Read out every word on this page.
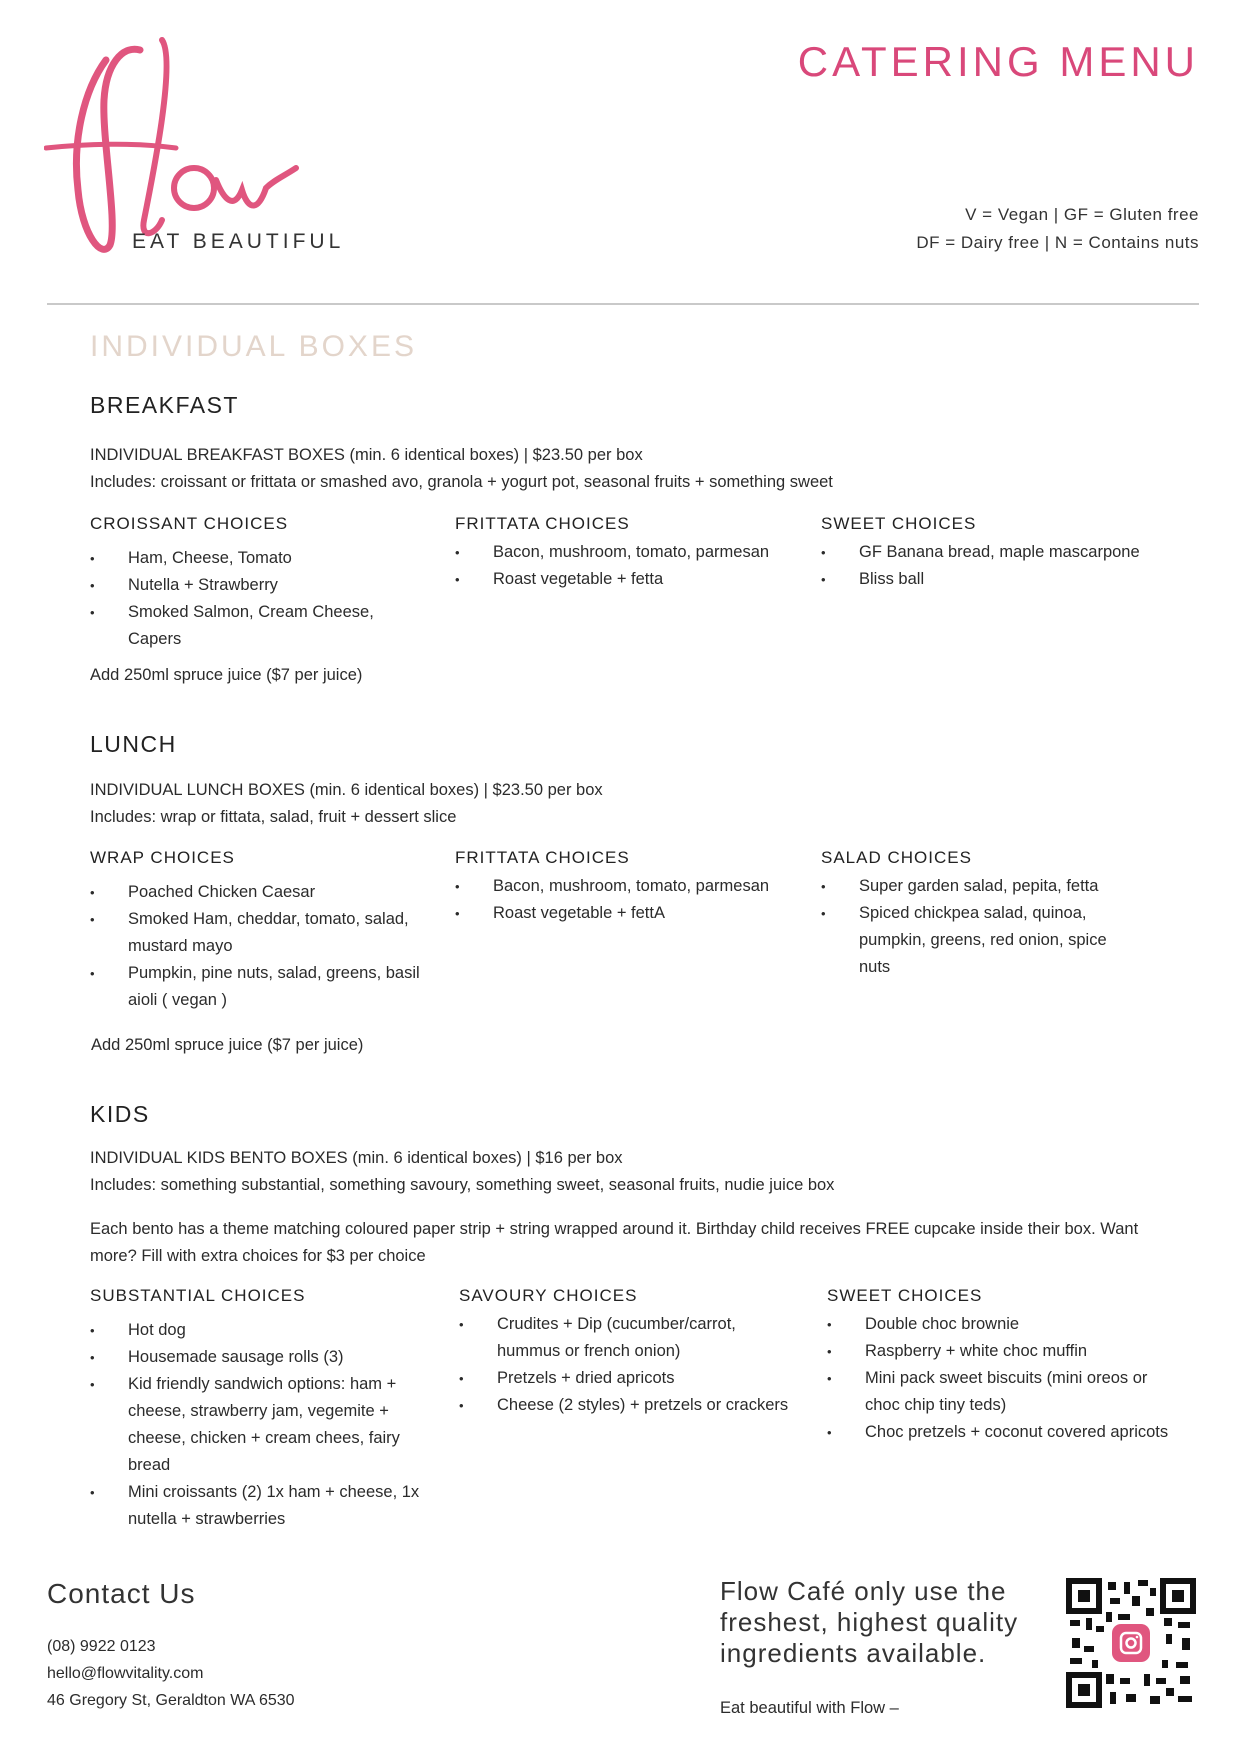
EAT BEAUTIFUL
CATERING MENU
V = Vegan | GF = Gluten free
DF = Dairy free | N = Contains nuts
INDIVIDUAL BOXES
BREAKFAST
INDIVIDUAL BREAKFAST BOXES (min. 6 identical boxes) | $23.50 per box
Includes: croissant or frittata or smashed avo, granola + yogurt pot, seasonal fruits + something sweet
CROISSANT CHOICES
• Ham, Cheese, Tomato
• Nutella + Strawberry
• Smoked Salmon, Cream Cheese, Capers
FRITTATA CHOICES
• Bacon, mushroom, tomato, parmesan
• Roast vegetable + fetta
SWEET CHOICES
• GF Banana bread, maple mascarpone
• Bliss ball
Add 250ml spruce juice ($7 per juice)
LUNCH
INDIVIDUAL LUNCH BOXES (min. 6 identical boxes) | $23.50 per box
Includes: wrap or fittata, salad, fruit + dessert slice
WRAP CHOICES
• Poached Chicken Caesar
• Smoked Ham, cheddar, tomato, salad, mustard mayo
• Pumpkin, pine nuts, salad, greens, basil aioli ( vegan )
FRITTATA CHOICES
• Bacon, mushroom, tomato, parmesan
• Roast vegetable + fettA
SALAD CHOICES
• Super garden salad, pepita, fetta
• Spiced chickpea salad, quinoa, pumpkin, greens, red onion, spice nuts
Add 250ml spruce juice ($7 per juice)
KIDS
INDIVIDUAL KIDS BENTO BOXES (min. 6 identical boxes) | $16 per box
Includes: something substantial, something savoury, something sweet, seasonal fruits, nudie juice box
Each bento has a theme matching coloured paper strip + string wrapped around it. Birthday child receives FREE cupcake inside their box. Want
more? Fill with extra choices for $3 per choice
SUBSTANTIAL CHOICES
• Hot dog
• Housemade sausage rolls (3)
• Kid friendly sandwich options: ham + cheese, strawberry jam, vegemite + cheese, chicken + cream chees, fairy bread
• Mini croissants (2) 1x ham + cheese, 1x nutella + strawberries
SAVOURY CHOICES
• Crudites + Dip (cucumber/carrot, hummus or french onion)
• Pretzels + dried apricots
• Cheese (2 styles) + pretzels or crackers
SWEET CHOICES
• Double choc brownie
• Raspberry + white choc muffin
• Mini pack sweet biscuits (mini oreos or choc chip tiny teds)
• Choc pretzels + coconut covered apricots
Contact Us
(08) 9922 0123
hello@flowvitality.com
46 Gregory St, Geraldton WA 6530
Flow Café only use the freshest, highest quality ingredients available.
Eat beautiful with Flow –
